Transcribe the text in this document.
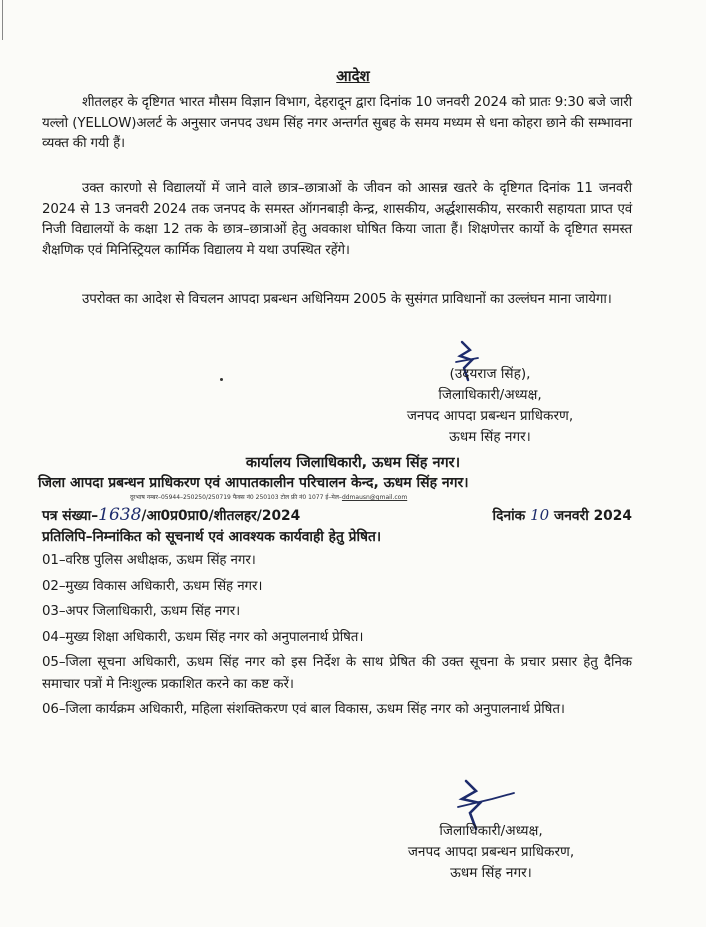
आदेश

शीतलहर के दृष्टिगत भारत मौसम विज्ञान विभाग, देहरादून द्वारा दिनांक 10 जनवरी 2024 को प्रातः 9:30 बजे जारी यल्लो (YELLOW)अलर्ट के अनुसार जनपद उधम सिंह नगर अन्तर्गत सुबह के समय मध्यम से धना कोहरा छाने की सम्भावना व्यक्त की गयी हैं।

उक्त कारणो से विद्यालयों में जाने वाले छात्र–छात्राओं के जीवन को आसन्न खतरे के दृष्टिगत दिनांक 11 जनवरी 2024 से 13 जनवरी 2024 तक जनपद के समस्त ऑगनबाड़ी केन्द्र, शासकीय, अर्द्धशासकीय, सरकारी सहायता प्राप्त एवं निजी विद्यालयों के कक्षा 12 तक के छात्र–छात्राओं हेतु अवकाश घोषित किया जाता हैं। शिक्षणेत्तर कार्यो के दृष्टिगत समस्त शैक्षणिक एवं मिनिस्ट्रियल कार्मिक विद्यालय मे यथा उपस्थित रहेंगे।

उपरोक्त का आदेश से विचलन आपदा प्रबन्धन अधिनियम 2005 के सुसंगत प्राविधानों का उल्लंघन माना जायेगा।

(उदयराज सिंह),
जिलाधिकारी/अध्यक्ष,
जनपद आपदा प्रबन्धन प्राधिकरण,
ऊधम सिंह नगर।
कार्यालय जिलाधिकारी, ऊधम सिंह नगर।
जिला आपदा प्रबन्धन प्राधिकरण एवं आपातकालीन परिचालन केन्द, ऊधम सिंह नगर।
दूरभाष नम्बर–05944–250250/250719 फैक्स नं0 250103 टोल फ्री नं0 1077 ई–मेल–ddmausn@gmail.com
पत्र संख्या–1638/आ0प्र0प्रा0/शीतलहर/2024	दिनांक 10 जनवरी 2024
प्रतिलिपि–निम्नांकित को सूचनार्थ एवं आवश्यक कार्यवाही हेतु प्रेषित।
01–वरिष्ठ पुलिस अधीक्षक, ऊधम सिंह नगर।
02–मुख्य विकास अधिकारी, ऊधम सिंह नगर।
03–अपर जिलाधिकारी, ऊधम सिंह नगर।
04–मुख्य शिक्षा अधिकारी, ऊधम सिंह नगर को अनुपालनार्थ प्रेषित।
05–जिला सूचना अधिकारी, ऊधम सिंह नगर को इस निर्देश के साथ प्रेषित की उक्त सूचना के प्रचार प्रसार हेतु दैनिक समाचार पत्रों मे निःशुल्क प्रकाशित करने का कष्ट करें।
06–जिला कार्यक्रम अधिकारी, महिला संशक्तिकरण एवं बाल विकास, ऊधम सिंह नगर को अनुपालनार्थ प्रेषित।
जिलाधिकारी/अध्यक्ष,
जनपद आपदा प्रबन्धन प्राधिकरण,
ऊधम सिंह नगर।
